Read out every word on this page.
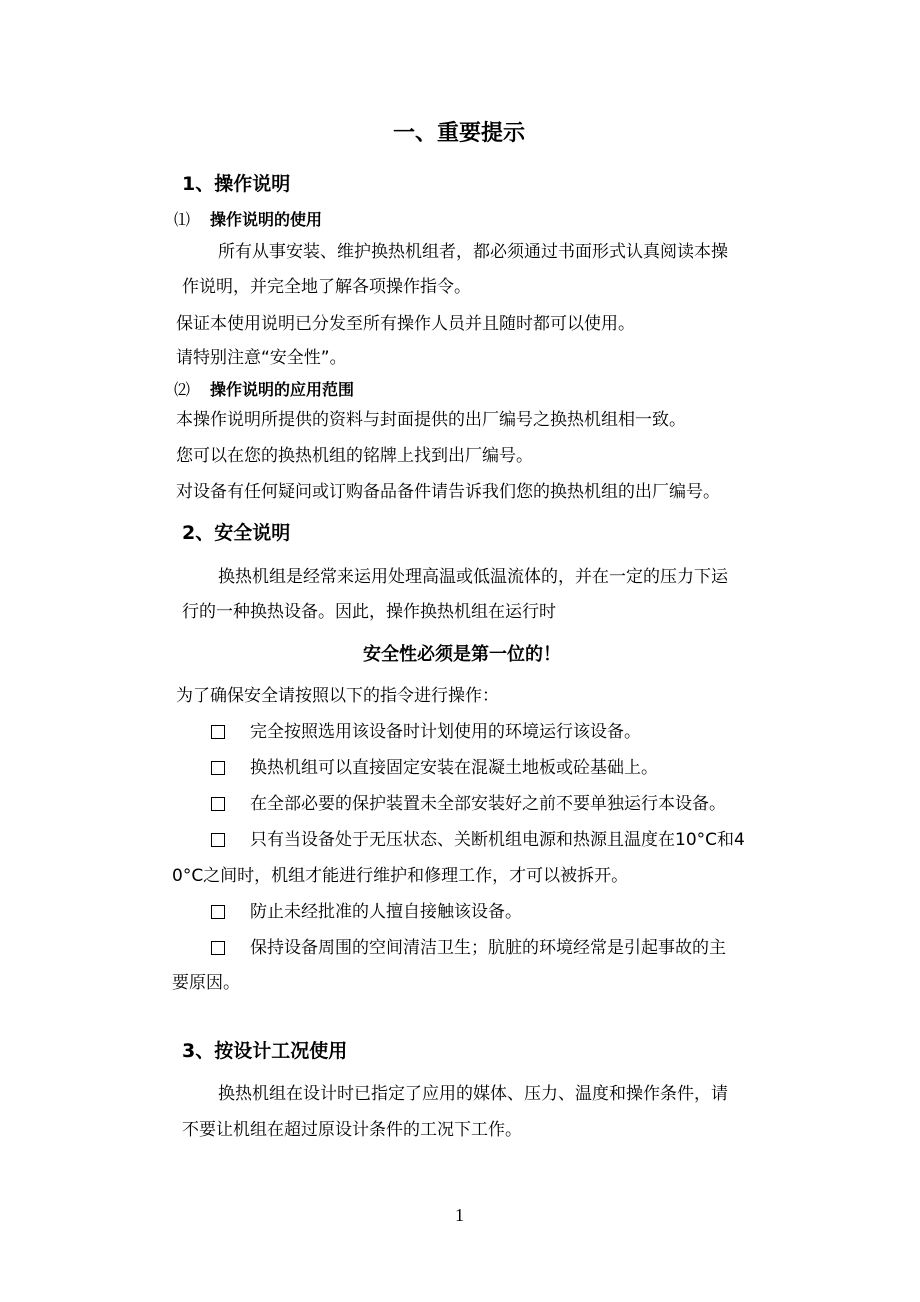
一、重要提示
1、操作说明
⑴ 操作说明的使用
所有从事安装、维护换热机组者，都必须通过书面形式认真阅读本操
作说明，并完全地了解各项操作指令。
保证本使用说明已分发至所有操作人员并且随时都可以使用。
请特别注意“安全性”。
⑵ 操作说明的应用范围
本操作说明所提供的资料与封面提供的出厂编号之换热机组相一致。
您可以在您的换热机组的铭牌上找到出厂编号。
对设备有任何疑问或订购备品备件请告诉我们您的换热机组的出厂编号。
2、安全说明
换热机组是经常来运用处理高温或低温流体的，并在一定的压力下运
行的一种换热设备。因此，操作换热机组在运行时
安全性必须是第一位的！
为了确保安全请按照以下的指令进行操作：
完全按照选用该设备时计划使用的环境运行该设备。
换热机组可以直接固定安装在混凝土地板或砼基础上。
在全部必要的保护装置未全部安装好之前不要单独运行本设备。
只有当设备处于无压状态、关断机组电源和热源且温度在10°C和4
0°C之间时，机组才能进行维护和修理工作，才可以被拆开。
防止未经批准的人擅自接触该设备。
保持设备周围的空间清洁卫生；肮脏的环境经常是引起事故的主
要原因。
3、按设计工况使用
换热机组在设计时已指定了应用的媒体、压力、温度和操作条件，请
不要让机组在超过原设计条件的工况下工作。
1
